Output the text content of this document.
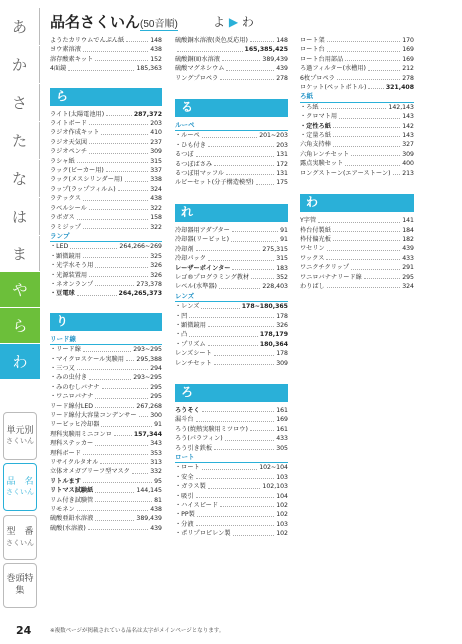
あ
か
さ
た
な
は
ま
や
ら
わ
単元別
さくいん
品　名
さくいん
型　番
さくいん
巻頭特集
品名さくいん(50音順)	よ ▶ わ
ようたカリウムでんぷん紙	148
ヨウ素溶液	438
溶存酸素キット	152
4面鏡	185,363
ら
ライト(太陽電池用)	287,372
ライトボード	203
ラジオ作成キット	410
ラジオ天気図	237
ラジオペンチ	309
ラシャ紙	315
ラック(ビーカー用)	337
ラック(メスシリンダー用)	338
ラップ(ラップフィルム)	324
ラテックス	438
ラベルシール	322
ラボガス	158
ラミジップ	322
ランプ
・LED	264,266~269
・顕微鏡用	325
・光学水そう用	326
・光源装置用	326
・ネオンランプ	273,378
・豆電球	264,265,373
り
リード線
・リード線	293~295
・マイクロスケール実験用 295,388
・三つ又	294
・みの虫付き	293~295
・みのむしバナナ	295
・ワニロバナナ	295
リード線付LED	267,268
リード線付大容量コンデンサー 300
リービッヒ冷却器	91
理科実験用ミニコンロ	157,344
理科ステッカー	343
理科ボード	353
リサイクルタオル	313
立体オメガブリーフ型マスク	332
リトルます	95
リトマス試験紙	144,145
リム付き試験管	81
リモネン	438
硫酸亜鉛水溶液	389,439
硫酸(水溶液)	439
硫酸銅水溶液(炎色反応用)	148
165,385,425
硫酸銅(Ⅱ)水溶液	389,439
硫酸マグネシウム	439
リングプロペラ	278
る
ルーペ
・ルーペ	201~203
・ひも付き	203
るつぼ	131
るつぼばさみ	172
るつぼ用マッフル	131
ルビーセット(分子構造模型)	175
れ
冷却器用アダプター	91
冷却器(リービッヒ)	91
冷却剤	275,315
冷却パック	315
レーザーポインター	183
レゴ®プログラミング教材	352
レベル(水準器)	228,403
レンズ
・レンズ	178~180,365
・凹	178
・顕微鏡用	326
・凸	178,179
・プリズム	180,364
レンズシート	178
レンチセット	309
ろ
ろうそく	161
漏斗台	169
ろう(焼熱実験用ミツロウ)	161
ろう(パラフィン)	433
ろう引き鉄板	305
ロート
・ロート	102~104
・安全	103
・ガラス製	102,103
・吸引	104
・ハイスピード	102
・PP製	102
・分液	103
・ポリプロピレン製	102
ロート架	170
ロート台	169
ロート台用部品	169
ろ過フィルター(水槽用)	212
6枚プロペラ	278
ロケット(ペットボトル)	321,408
ろ紙
・ろ紙	142,143
・クロマト用	143
・定性ろ紙	142
・定量ろ紙	143
六角支持棒	327
六角レンチセット	309
露点実験セット	400
ロングストーン(エアーストーン) 213
わ
Y字管	141
枠台付製紙	184
枠付偏光板	182
ワセリン	439
ワックス	433
ワニクチクリップ	291
ワニロバナナリード線	295
わりばし	324
24	※複数ページが掲載されている品名は太字がメインページとなります。
